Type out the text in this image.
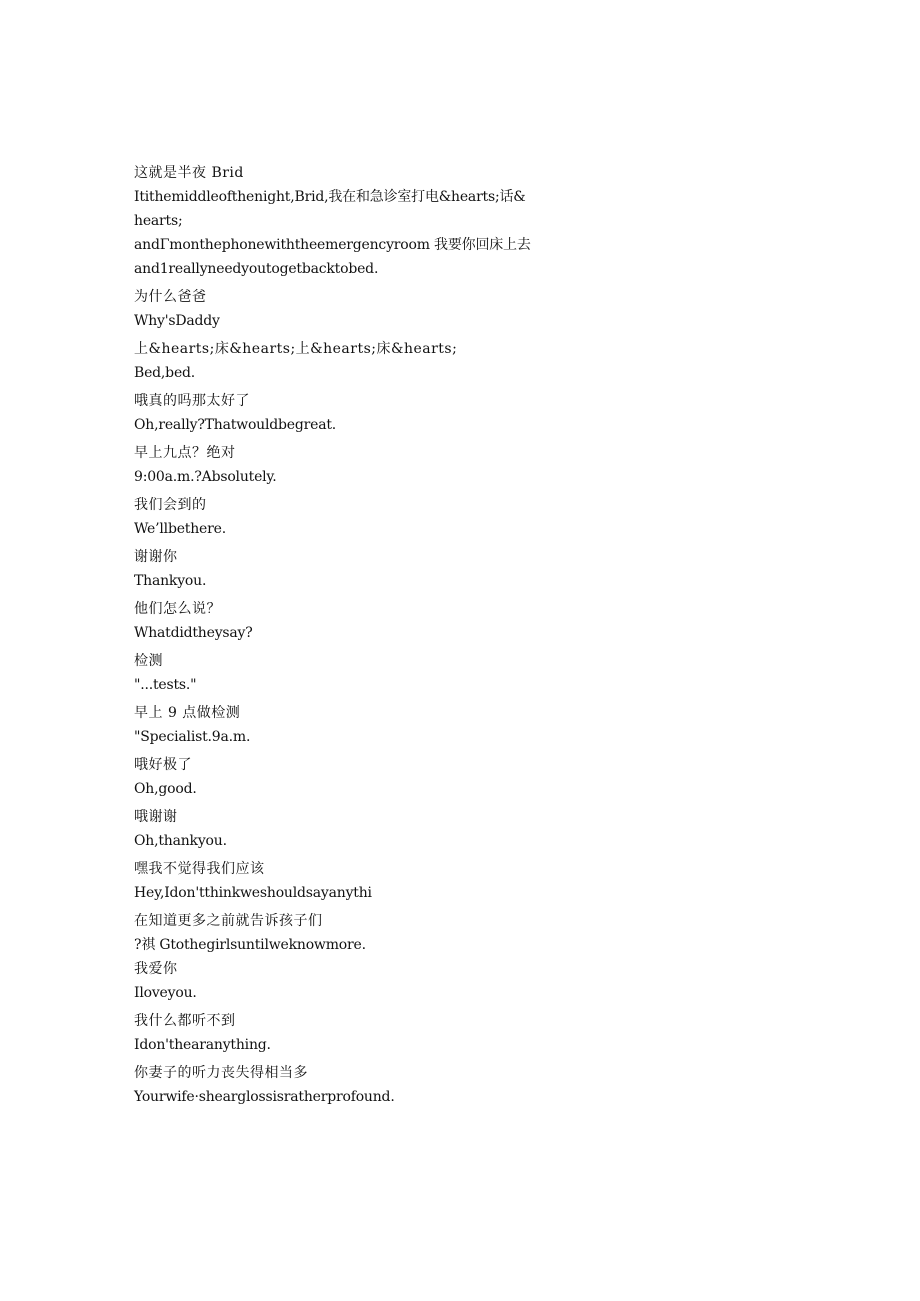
这就是半夜 Brid
Itithemiddleofthenight,Brid,我在和急诊室打电&hearts;话&hearts;
andΓmonthephonewiththeemergencyroom 我要你回床上去
and1reallyneedyoutogetbacktobed.
为什么爸爸
Why'sDaddy
上&hearts;床&hearts;上&hearts;床&hearts;
Bed,bed.
哦真的吗那太好了
Oh,really?Thatwouldbegreat.
早上九点？绝对
9:00a.m.?Absolutely.
我们会到的
We’llbethere.
谢谢你
Thankyou.
他们怎么说？
Whatdidtheysay?
检测
"...tests."
早上 9 点做检测
"Specialist.9a.m.
哦好极了
Oh,good.
哦谢谢
Oh,thankyou.
嘿我不觉得我们应该
Hey,Idon'tthinkweshouldsayanythi
在知道更多之前就告诉孩子们
?祺 Gtothegirlsuntilweknowmore.
我爱你
Iloveyou.
我什么都听不到
Idon'thearanything.
你妻子的听力丧失得相当多
Yourwife·shearglossisratherprofound.
